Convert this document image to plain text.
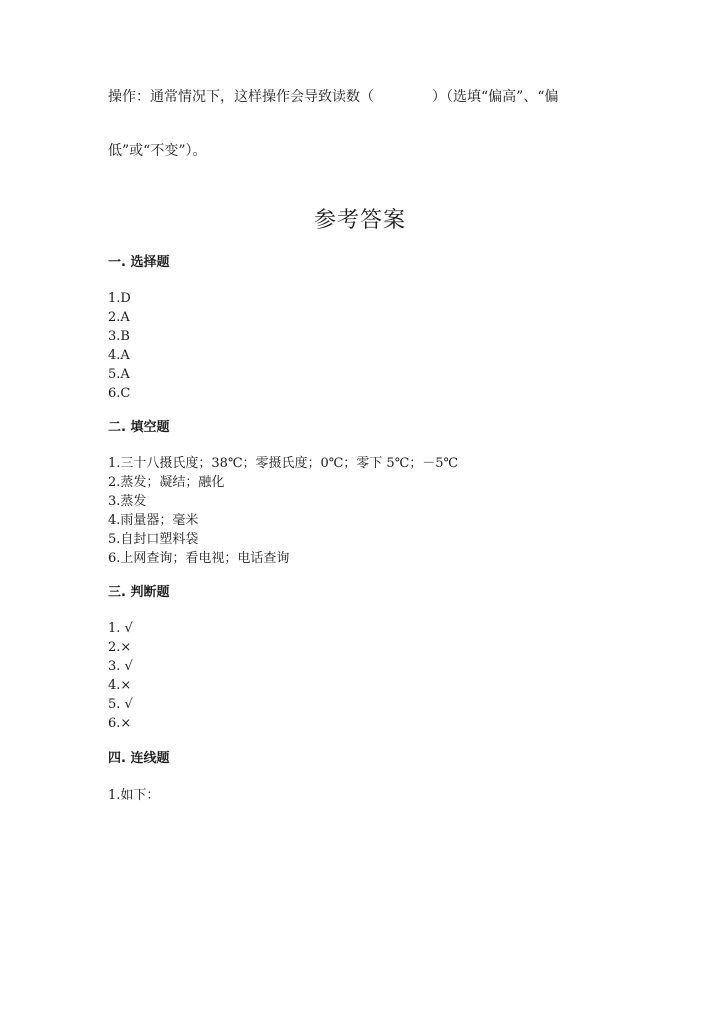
操作：通常情况下，这样操作会导致读数（	）（选填“偏高”、“偏
低”或“不变”）。
参考答案
一. 选择题
1.D
2.A
3.B
4.A
5.A
6.C
二. 填空题
1.三十八摄氏度；38℃；零摄氏度；0℃；零下 5℃；－5℃
2.蒸发；凝结；融化
3.蒸发
4.雨量器；毫米
5.自封口塑料袋
6.上网查询；看电视；电话查询
三. 判断题
1. √
2.×
3. √
4.×
5. √
6.×
四. 连线题
1.如下：
